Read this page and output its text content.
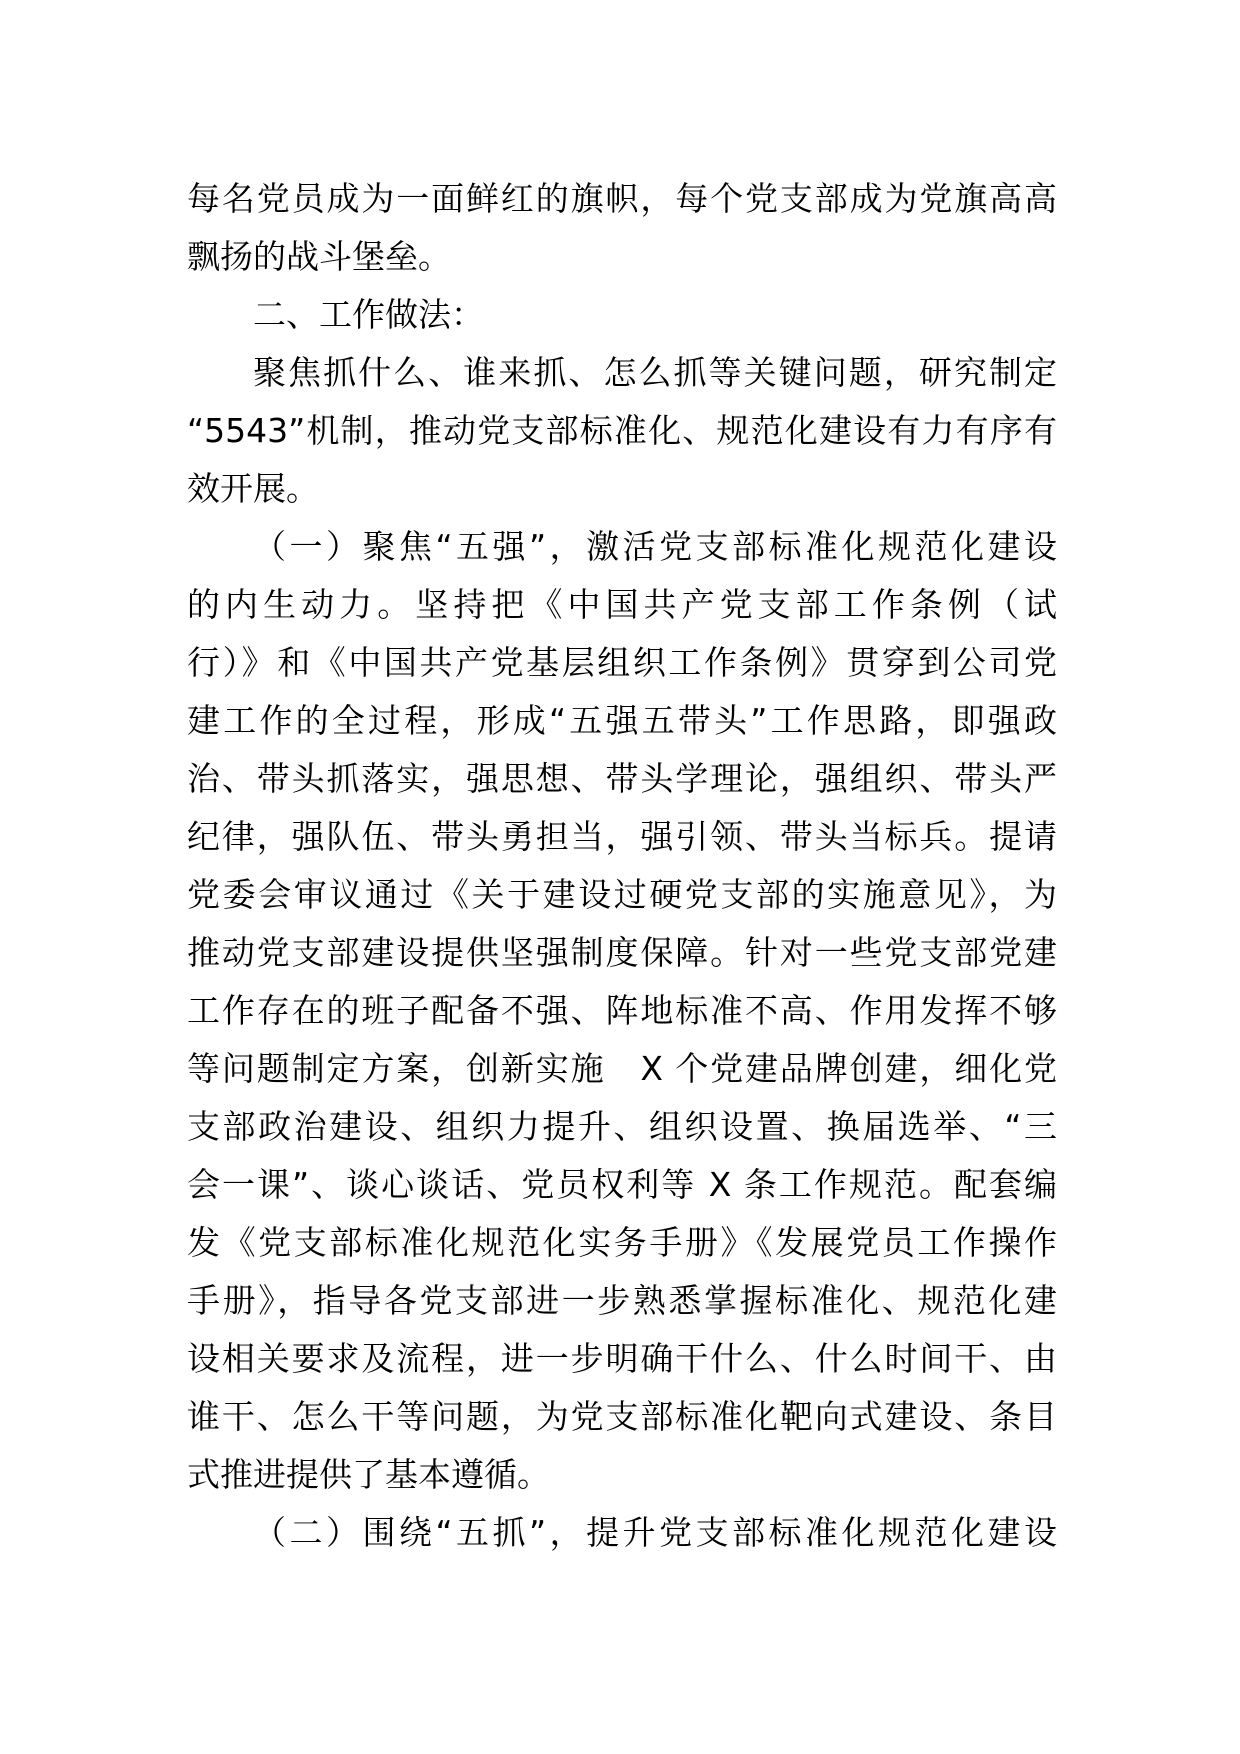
每名党员成为一面鲜红的旗帜，每个党支部成为党旗高高
飘扬的战斗堡垒。
二、工作做法：
聚焦抓什么、谁来抓、怎么抓等关键问题，研究制定
“5543”机制，推动党支部标准化、规范化建设有力有序有
效开展。
（一）聚焦“五强”，激活党支部标准化规范化建设
的内生动力。坚持把《中国共产党支部工作条例（试
行）》和《中国共产党基层组织工作条例》贯穿到公司党
建工作的全过程，形成“五强五带头”工作思路，即强政
治、带头抓落实，强思想、带头学理论，强组织、带头严
纪律，强队伍、带头勇担当，强引领、带头当标兵。提请
党委会审议通过《关于建设过硬党支部的实施意见》，为
推动党支部建设提供坚强制度保障。针对一些党支部党建
工作存在的班子配备不强、阵地标准不高、作用发挥不够
等问题制定方案，创新实施　X 个党建品牌创建，细化党
支部政治建设、组织力提升、组织设置、换届选举、“三
会一课”、谈心谈话、党员权利等 X 条工作规范。配套编
发《党支部标准化规范化实务手册》《发展党员工作操作
手册》，指导各党支部进一步熟悉掌握标准化、规范化建
设相关要求及流程，进一步明确干什么、什么时间干、由
谁干、怎么干等问题，为党支部标准化靶向式建设、条目
式推进提供了基本遵循。
（二）围绕“五抓”，提升党支部标准化规范化建设
